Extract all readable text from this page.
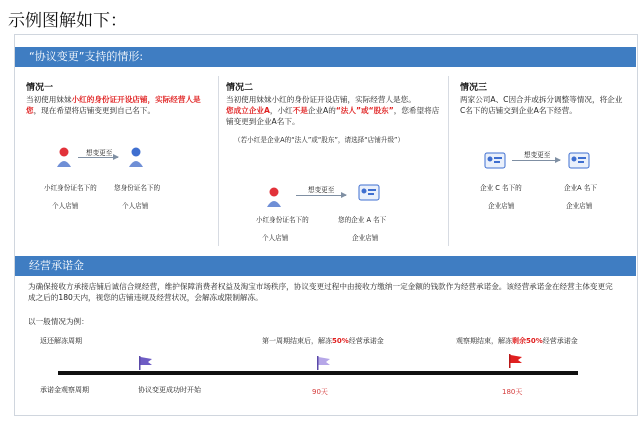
示例图解如下：
“协议变更”支持的情形:
情况一
当初使用妹妹小红的身份证开设店铺，实际经营人是您，现在希望将店铺变更到自己名下。
想变更至
小红身份证名下的
个人店铺
您身份证名下的
个人店铺
情况二
当初使用妹妹小红的身份证开设店铺，实际经营人是您。
您成立企业A，小红不是企业A的“法人”或“股东”，您希望将店铺变更到企业A名下。
（若小红是企业A的“法人”或“股东”，请选择“店铺升级”）
想变更至
小红身份证名下的
个人店铺
您的企业 A 名下
企业店铺
情况三
两家公司A、C因合并或拆分调整等情况，将企业C名下的店铺交到企业A名下经营。
想变更至
企业 C 名下的
企业店铺
企业A 名下
企业店铺
经营承诺金
为确保接收方承接店铺后诚信合规经营，维护保障消费者权益及淘宝市场秩序，协议变更过程中由接收方缴纳一定金额的钱款作为经营承诺金。该经营承诺金在经营主体变更完成之后的180天内，视您的店铺违规及经营状况，会解冻或限制解冻。
以一般情况为例：
返还解冻周期
承诺金观察周期
第一周期结束后，解冻50%经营承诺金	观察期结束，解冻剩余50%经营承诺金
协议变更成功时开始	90天	180天
